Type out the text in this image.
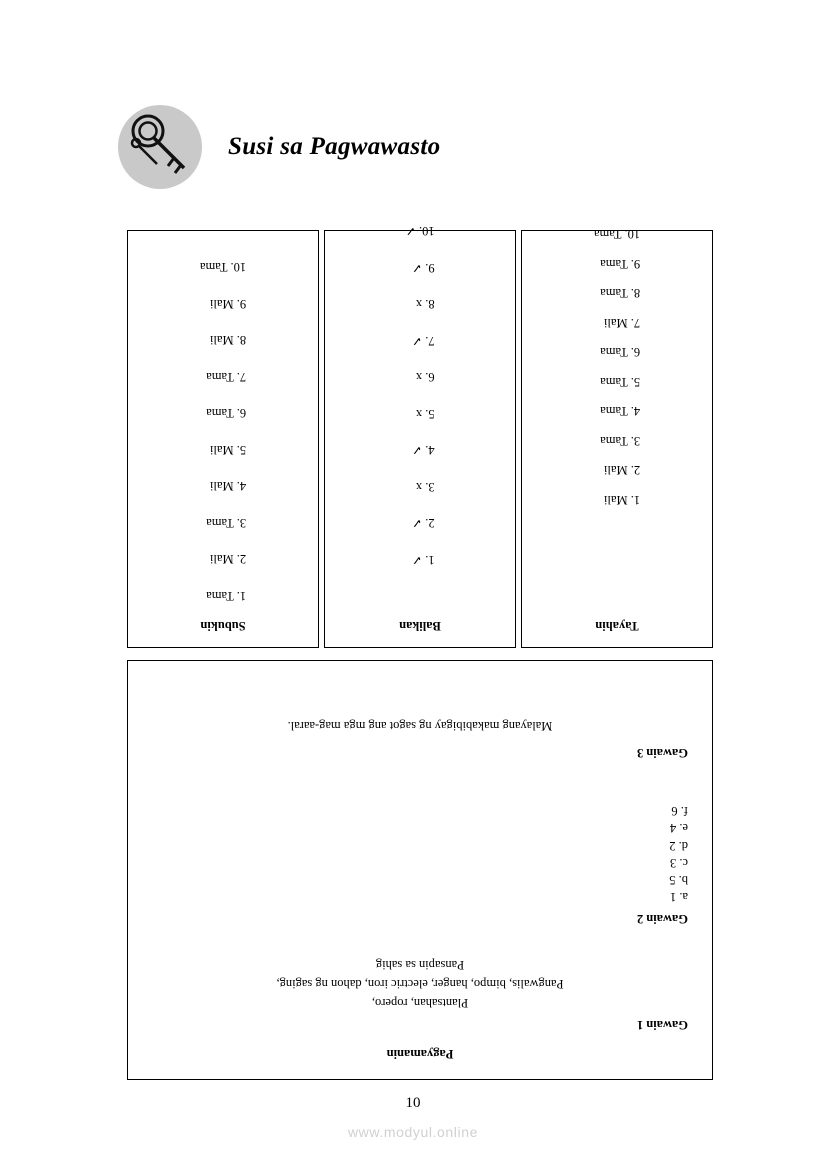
Susi sa Pagwawasto
Subukin
1. Tama
2. Mali
3. Tama
4. Mali
5. Mali
6. Tama
7. Tama
8. Mali
9. Mali
10. Tama
Balikan
1. ✓
2. ✓
3. x
4. ✓
5. x
6. x
7. ✓
8. x
9. ✓
10. ✓
Tayahin
1. Mali
2. Mali
3. Tama
4. Tama
5. Tama
6. Tama
7. Mali
8. Tama
9. Tama
10. Tama
Pagyamanin
Gawain 1

Plantsahan, ropero,

Pangwalis, bimpo, hanger, electric iron, dahon ng saging,

Pansapin sa sahig

Gawain 2
a. 1
b. 5
c. 3
d. 2
e. 4
f. 6
Gawain 3

Malayang makabibigay ng sagot ang mga mag-aaral.

10
www.modyul.online
